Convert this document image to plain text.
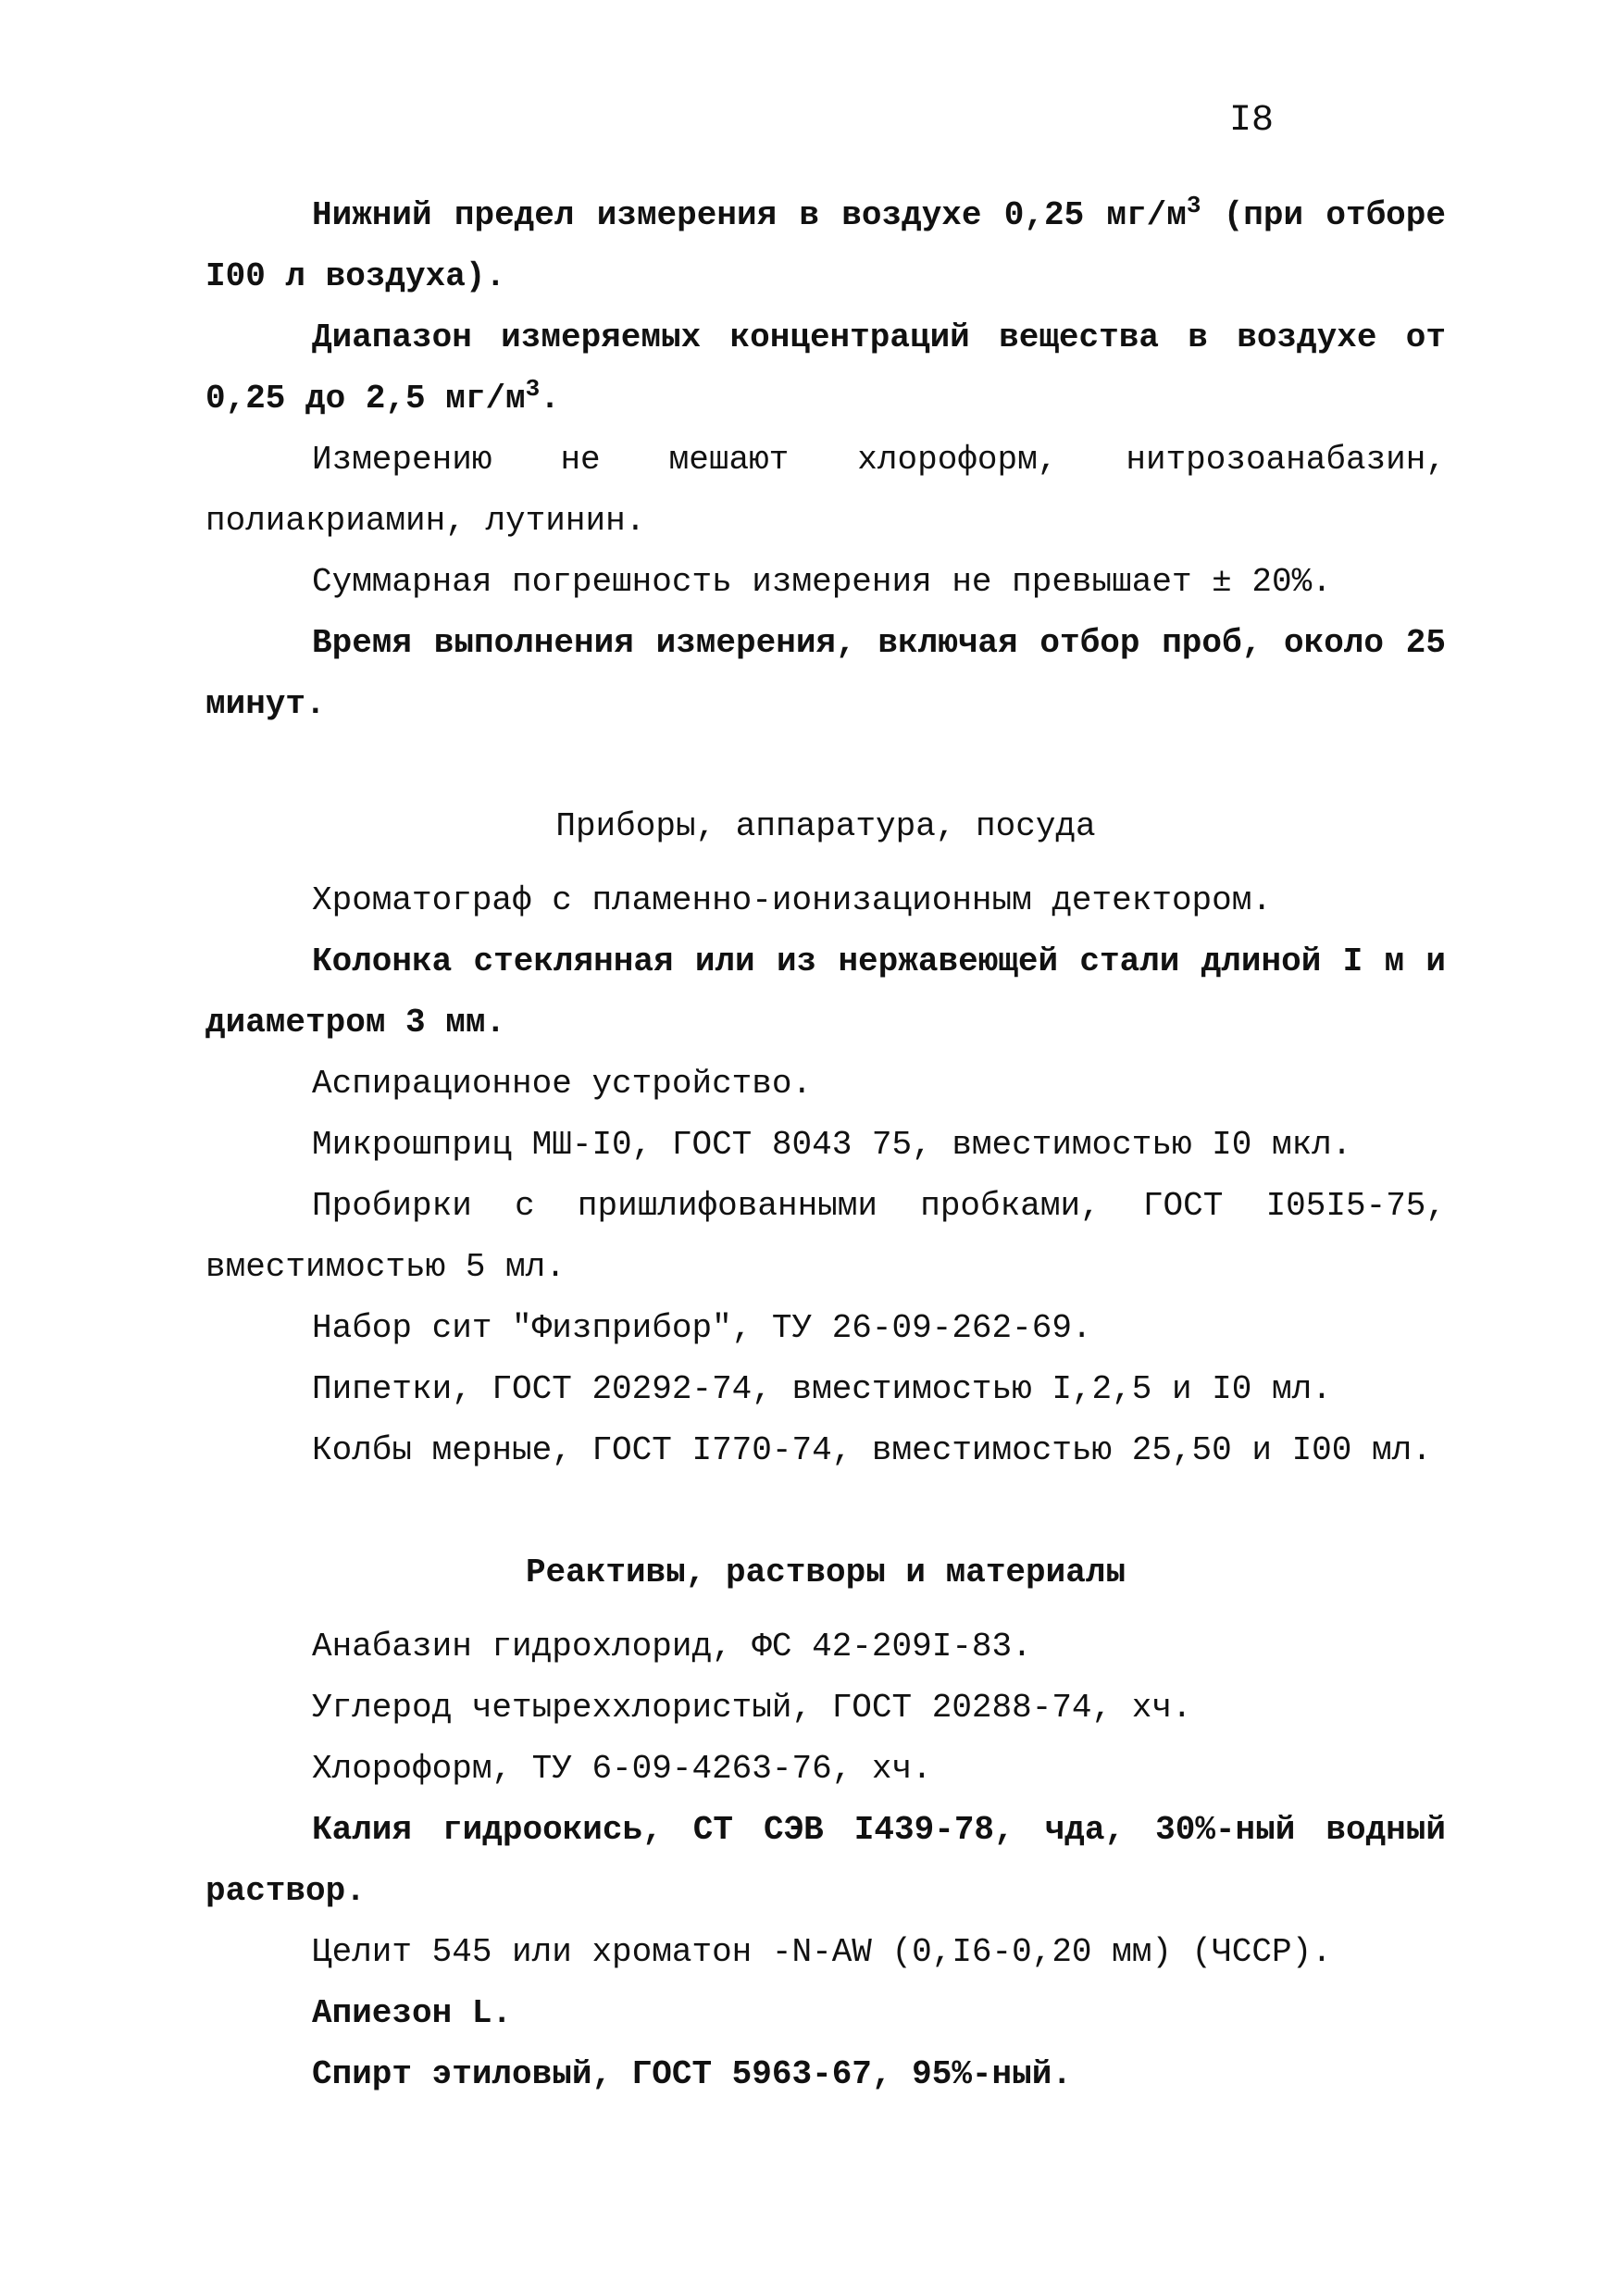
I8

Нижний предел измерения в воздухе 0,25 $мг/м^3$ (при отборе I00 л воздуха).

Диапазон измеряемых концентраций вещества в воздухе от 0,25 до 2,5 $мг/м^3$.

Измерению не мешают хлороформ, нитрозоанабазин, полиакриамин, лутинин.

Суммарная погрешность измерения не превышает ± 20%.

Время выполнения измерения, включая отбор проб, около 25 минут.

Приборы, аппаратура, посуда

Хроматограф с пламенно-ионизационным детектором.

Колонка стеклянная или из нержавеющей стали длиной I м и диаметром 3 мм.

Аспирационное устройство.

Микрошприц МШ-I0, ГОСТ 8043 75, вместимостью I0 мкл.

Пробирки с пришлифованными пробками, ГОСТ I05I5-75, вместимостью 5 мл.

Набор сит "Физприбор", ТУ 26-09-262-69.

Пипетки, ГОСТ 20292-74, вместимостью I,2,5 и I0 мл.

Колбы мерные, ГОСТ I770-74, вместимостью 25,50 и I00 мл.

Реактивы, растворы и материалы

Анабазин гидрохлорид, ФС 42-209I-83.

Углерод четыреххлористый, ГОСТ 20288-74, хч.

Хлороформ, ТУ 6-09-4263-76, хч.

Калия гидроокись, СТ СЭВ I439-78, чда, 30%-ный водный раствор.

Целит 545 или хроматон -N-AW (0,I6-0,20 мм) (ЧССР).

Апиезон L.

Спирт этиловый, ГОСТ 5963-67, 95%-ный.
